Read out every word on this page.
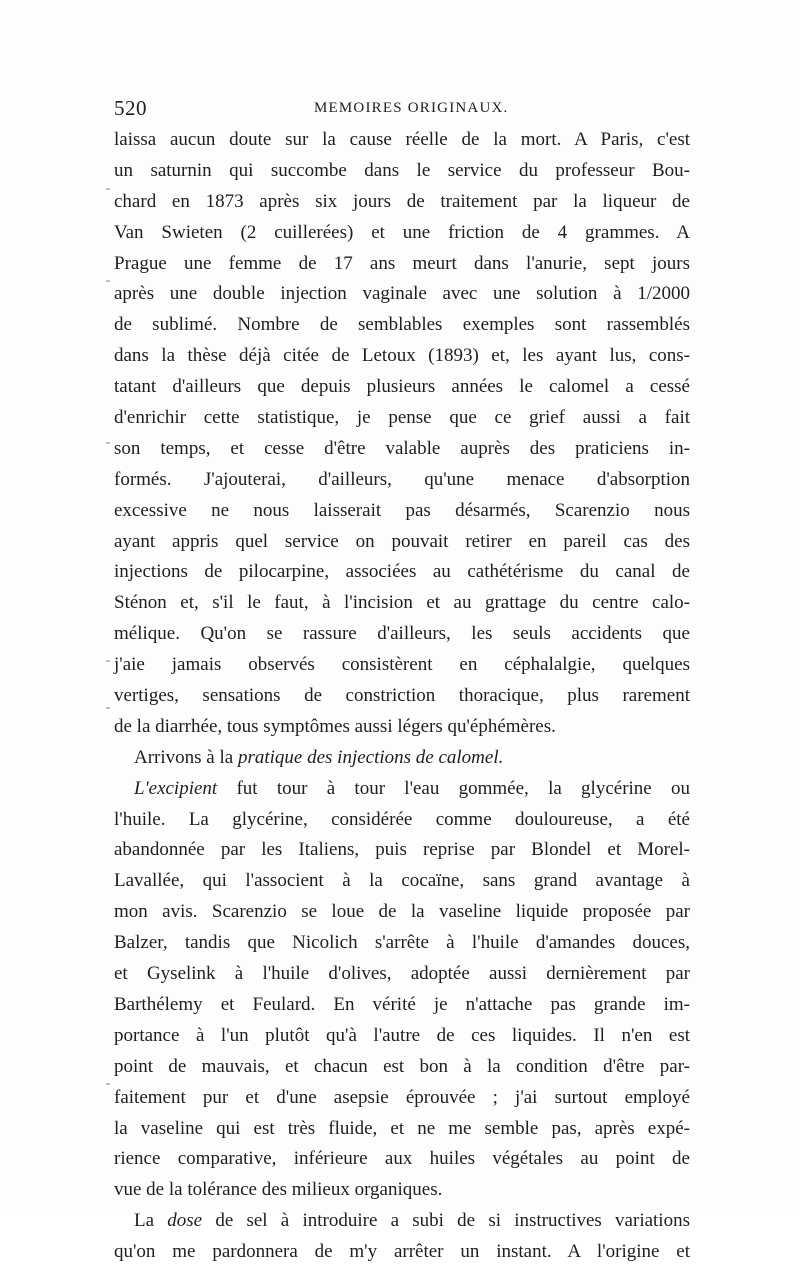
520	MEMOIRES ORIGINAUX.
laissa aucun doute sur la cause réelle de la mort. A Paris, c'est
un saturnin qui succombe dans le service du professeur Bou-
chard en 1873 après six jours de traitement par la liqueur de
Van Swieten (2 cuillerées) et une friction de 4 grammes. A
Prague une femme de 17 ans meurt dans l'anurie, sept jours
après une double injection vaginale avec une solution à 1/2000
de sublimé. Nombre de semblables exemples sont rassemblés
dans la thèse déjà citée de Letoux (1893) et, les ayant lus, cons-
tatant d'ailleurs que depuis plusieurs années le calomel a cessé
d'enrichir cette statistique, je pense que ce grief aussi a fait
son temps, et cesse d'être valable auprès des praticiens in-
formés. J'ajouterai, d'ailleurs, qu'une menace d'absorption
excessive ne nous laisserait pas désarmés, Scarenzio nous
ayant appris quel service on pouvait retirer en pareil cas des
injections de pilocarpine, associées au cathétérisme du canal de
Sténon et, s'il le faut, à l'incision et au grattage du centre calo-
mélique. Qu'on se rassure d'ailleurs, les seuls accidents que
j'aie jamais observés consistèrent en céphalalgie, quelques
vertiges, sensations de constriction thoracique, plus rarement
de la diarrhée, tous symptômes aussi légers qu'éphémères.
Arrivons à la pratique des injections de calomel.
L'excipient fut tour à tour l'eau gommée, la glycérine ou
l'huile. La glycérine, considérée comme douloureuse, a été
abandonnée par les Italiens, puis reprise par Blondel et Morel-
Lavallée, qui l'associent à la cocaïne, sans grand avantage à
mon avis. Scarenzio se loue de la vaseline liquide proposée par
Balzer, tandis que Nicolich s'arrête à l'huile d'amandes douces,
et Gyselink à l'huile d'olives, adoptée aussi dernièrement par
Barthélemy et Feulard. En vérité je n'attache pas grande im-
portance à l'un plutôt qu'à l'autre de ces liquides. Il n'en est
point de mauvais, et chacun est bon à la condition d'être par-
faitement pur et d'une asepsie éprouvée ; j'ai surtout employé
la vaseline qui est très fluide, et ne me semble pas, après expé-
rience comparative, inférieure aux huiles végétales au point de
vue de la tolérance des milieux organiques.
La dose de sel à introduire a subi de si instructives variations
qu'on me pardonnera de m'y arrêter un instant. A l'origine et
